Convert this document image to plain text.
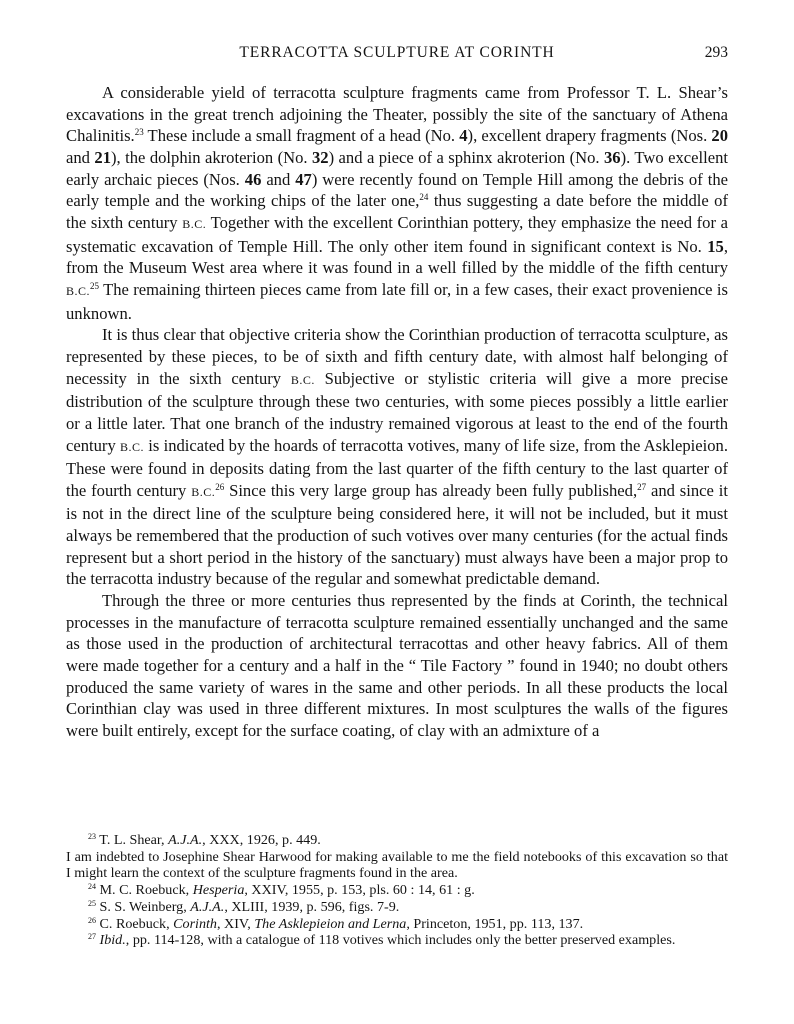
TERRACOTTA SCULPTURE AT CORINTH	293

A considerable yield of terracotta sculpture fragments came from Professor T. L. Shear’s excavations in the great trench adjoining the Theater, possibly the site of the sanctuary of Athena Chalinitis.$^{23}$ These include a small fragment of a head (No. 4), excellent drapery fragments (Nos. 20 and 21), the dolphin akroterion (No. 32) and a piece of a sphinx akroterion (No. 36). Two excellent early archaic pieces (Nos. 46 and 47) were recently found on Temple Hill among the debris of the early temple and the working chips of the later one,$^{24}$ thus suggesting a date before the middle of the sixth century B.C. Together with the excellent Corinthian pottery, they emphasize the need for a systematic excavation of Temple Hill. The only other item found in significant context is No. 15, from the Museum West area where it was found in a well filled by the middle of the fifth century B.C.$^{25}$ The remaining thirteen pieces came from late fill or, in a few cases, their exact provenience is unknown.

It is thus clear that objective criteria show the Corinthian production of terracotta sculpture, as represented by these pieces, to be of sixth and fifth century date, with almost half belonging of necessity in the sixth century B.C. Subjective or stylistic criteria will give a more precise distribution of the sculpture through these two centuries, with some pieces possibly a little earlier or a little later. That one branch of the industry remained vigorous at least to the end of the fourth century B.C. is indicated by the hoards of terracotta votives, many of life size, from the Asklepieion. These were found in deposits dating from the last quarter of the fifth century to the last quarter of the fourth century B.C.$^{26}$ Since this very large group has already been fully published,$^{27}$ and since it is not in the direct line of the sculpture being considered here, it will not be included, but it must always be remembered that the production of such votives over many centuries (for the actual finds represent but a short period in the history of the sanctuary) must always have been a major prop to the terracotta industry because of the regular and somewhat predictable demand.

Through the three or more centuries thus represented by the finds at Corinth, the technical processes in the manufacture of terracotta sculpture remained essentially unchanged and the same as those used in the production of architectural terracottas and other heavy fabrics. All of them were made together for a century and a half in the “ Tile Factory ” found in 1940; no doubt others produced the same variety of wares in the same and other periods. In all these products the local Corinthian clay was used in three different mixtures. In most sculptures the walls of the figures were built entirely, except for the surface coating, of clay with an admixture of a

$^{23}$ T. L. Shear, A.J.A., XXX, 1926, p. 449.

I am indebted to Josephine Shear Harwood for making available to me the field notebooks of this excavation so that I might learn the context of the sculpture fragments found in the area.

$^{24}$ M. C. Roebuck, Hesperia, XXIV, 1955, p. 153, pls. 60 : 14, 61 : g.

$^{25}$ S. S. Weinberg, A.J.A., XLIII, 1939, p. 596, figs. 7-9.

$^{26}$ C. Roebuck, Corinth, XIV, The Asklepieion and Lerna, Princeton, 1951, pp. 113, 137.

$^{27}$ Ibid., pp. 114-128, with a catalogue of 118 votives which includes only the better preserved examples.
